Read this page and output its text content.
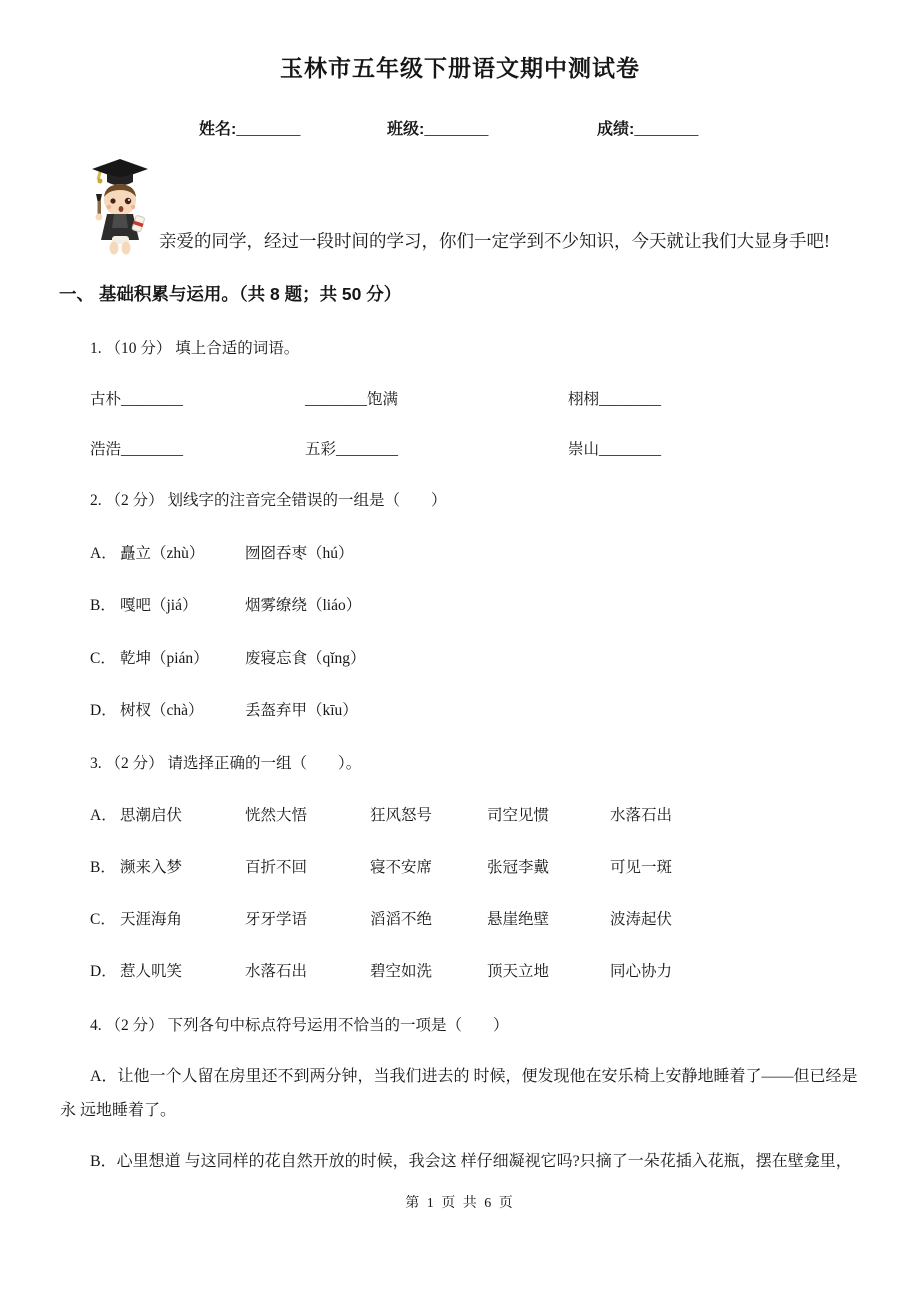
玉林市五年级下册语文期中测试卷
姓名:________	班级:________	成绩:________
亲爱的同学，经过一段时间的学习，你们一定学到不少知识，今天就让我们大显身手吧!
一、 基础积累与运用。（共 8 题；共 50 分）
1. （10 分） 填上合适的词语。
古朴________	________饱满	栩栩________
浩浩________	五彩________	崇山________
2. （2 分） 划线字的注音完全错误的一组是（　　）
A． 矗立（zhù）	囫囵吞枣（hú）
B． 嘎吧（jiá）	烟雾缭绕（liáo）
C． 乾坤（pián）	废寝忘食（qǐng）
D． 树杈（chà）	丢盔弃甲（kīu）
3. （2 分） 请选择正确的一组（　　）。
A． 思潮启伏	恍然大悟	狂风怒号	司空见惯	水落石出
B． 濒来入梦	百折不回	寝不安席	张冠李戴	可见一斑
C． 天涯海角	牙牙学语	滔滔不绝	悬崖绝壁	波涛起伏
D． 惹人叽笑	水落石出	碧空如洗	顶天立地	同心协力
4. （2 分） 下列各句中标点符号运用不恰当的一项是（　　）
A．让他一个人留在房里还不到两分钟，当我们进去的 时候，便发现他在安乐椅上安静地睡着了——但已经是
永 远地睡着了。
B．心里想道 与这同样的花自然开放的时候，我会这 样仔细凝视它吗?只摘了一朵花插入花瓶，摆在壁龛里，
第 1 页 共 6 页
